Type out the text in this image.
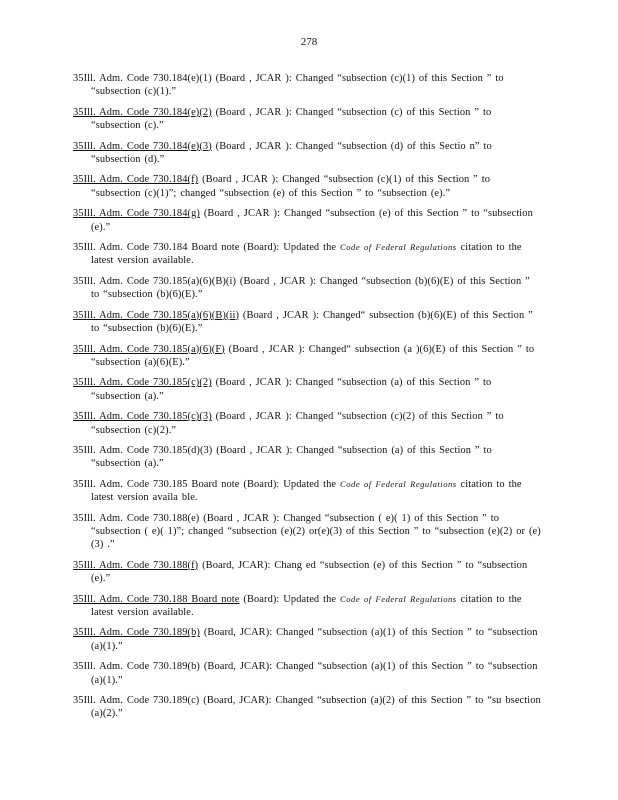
278

35Ill. Adm. Code 730.184(e)(1) (Board , JCAR ): Changed “subsection (c)(1) of this Section ” to “subsection (c)(1).”

35Ill. Adm. Code 730.184(e)(2) (Board , JCAR ): Changed “subsection (c) of this Section ” to “subsection (c).”

35Ill. Adm. Code 730.184(e)(3) (Board , JCAR ): Changed “subsection (d) of this Sectio n” to “subsection (d).”

35Ill. Adm. Code 730.184(f) (Board , JCAR ): Changed “subsection (c)(1) of this Section ” to “subsection (c)(1)”; changed “subsection (e) of this Section ” to “subsection (e).”

35Ill. Adm. Code 730.184(g) (Board , JCAR ): Changed “subsection (e) of this Section ” to “subsection (e).”

35Ill. Adm. Code 730.184 Board note (Board): Updated the Code of Federal Regulations citation to the latest version available.

35Ill. Adm. Code 730.185(a)(6)(B)(i) (Board , JCAR ): Changed “subsection (b)(6)(E) of this Section ” to “subsection (b)(6)(E).”

35Ill. Adm. Code 730.185(a)(6)(B)(ii) (Board , JCAR ): Changed“ subsection (b)(6)(E) of this Section ” to “subsection (b)(6)(E).”

35Ill. Adm. Code 730.185(a)(6)(F) (Board , JCAR ): Changed“ subsection (a )(6)(E) of this Section ” to “subsection (a)(6)(E).”

35Ill. Adm. Code 730.185(c)(2) (Board , JCAR ): Changed “subsection (a) of this Section ” to “subsection (a).”

35Ill. Adm. Code 730.185(c)(3) (Board , JCAR ): Changed “subsection (c)(2) of this Section ” to “subsection (c)(2).”

35Ill. Adm. Code 730.185(d)(3) (Board , JCAR ): Changed “subsection (a) of this Section ” to “subsection (a).”

35Ill. Adm. Code 730.185 Board note (Board): Updated the Code of Federal Regulations citation to the latest version availa ble.

35Ill. Adm. Code 730.188(e) (Board , JCAR ): Changed “subsection ( e)( 1) of this Section ” to “subsection ( e)( 1)”; changed “subsection (e)(2) or(e)(3) of this Section ” to “subsection (e)(2) or (e)(3) .”

35Ill. Adm. Code 730.188(f) (Board, JCAR): Chang ed “subsection (e) of this Section ” to “subsection (e).”

35Ill. Adm. Code 730.188 Board note (Board): Updated the Code of Federal Regulations citation to the latest version available.

35Ill. Adm. Code 730.189(b) (Board, JCAR): Changed “subsection (a)(1) of this Section ” to “subsection (a)(1).”

35Ill. Adm. Code 730.189(b) (Board, JCAR): Changed “subsection (a)(1) of this Section ” to “subsection (a)(1).”

35Ill. Adm. Code 730.189(c) (Board, JCAR): Changed “subsection (a)(2) of this Section ” to “su bsection (a)(2).”
